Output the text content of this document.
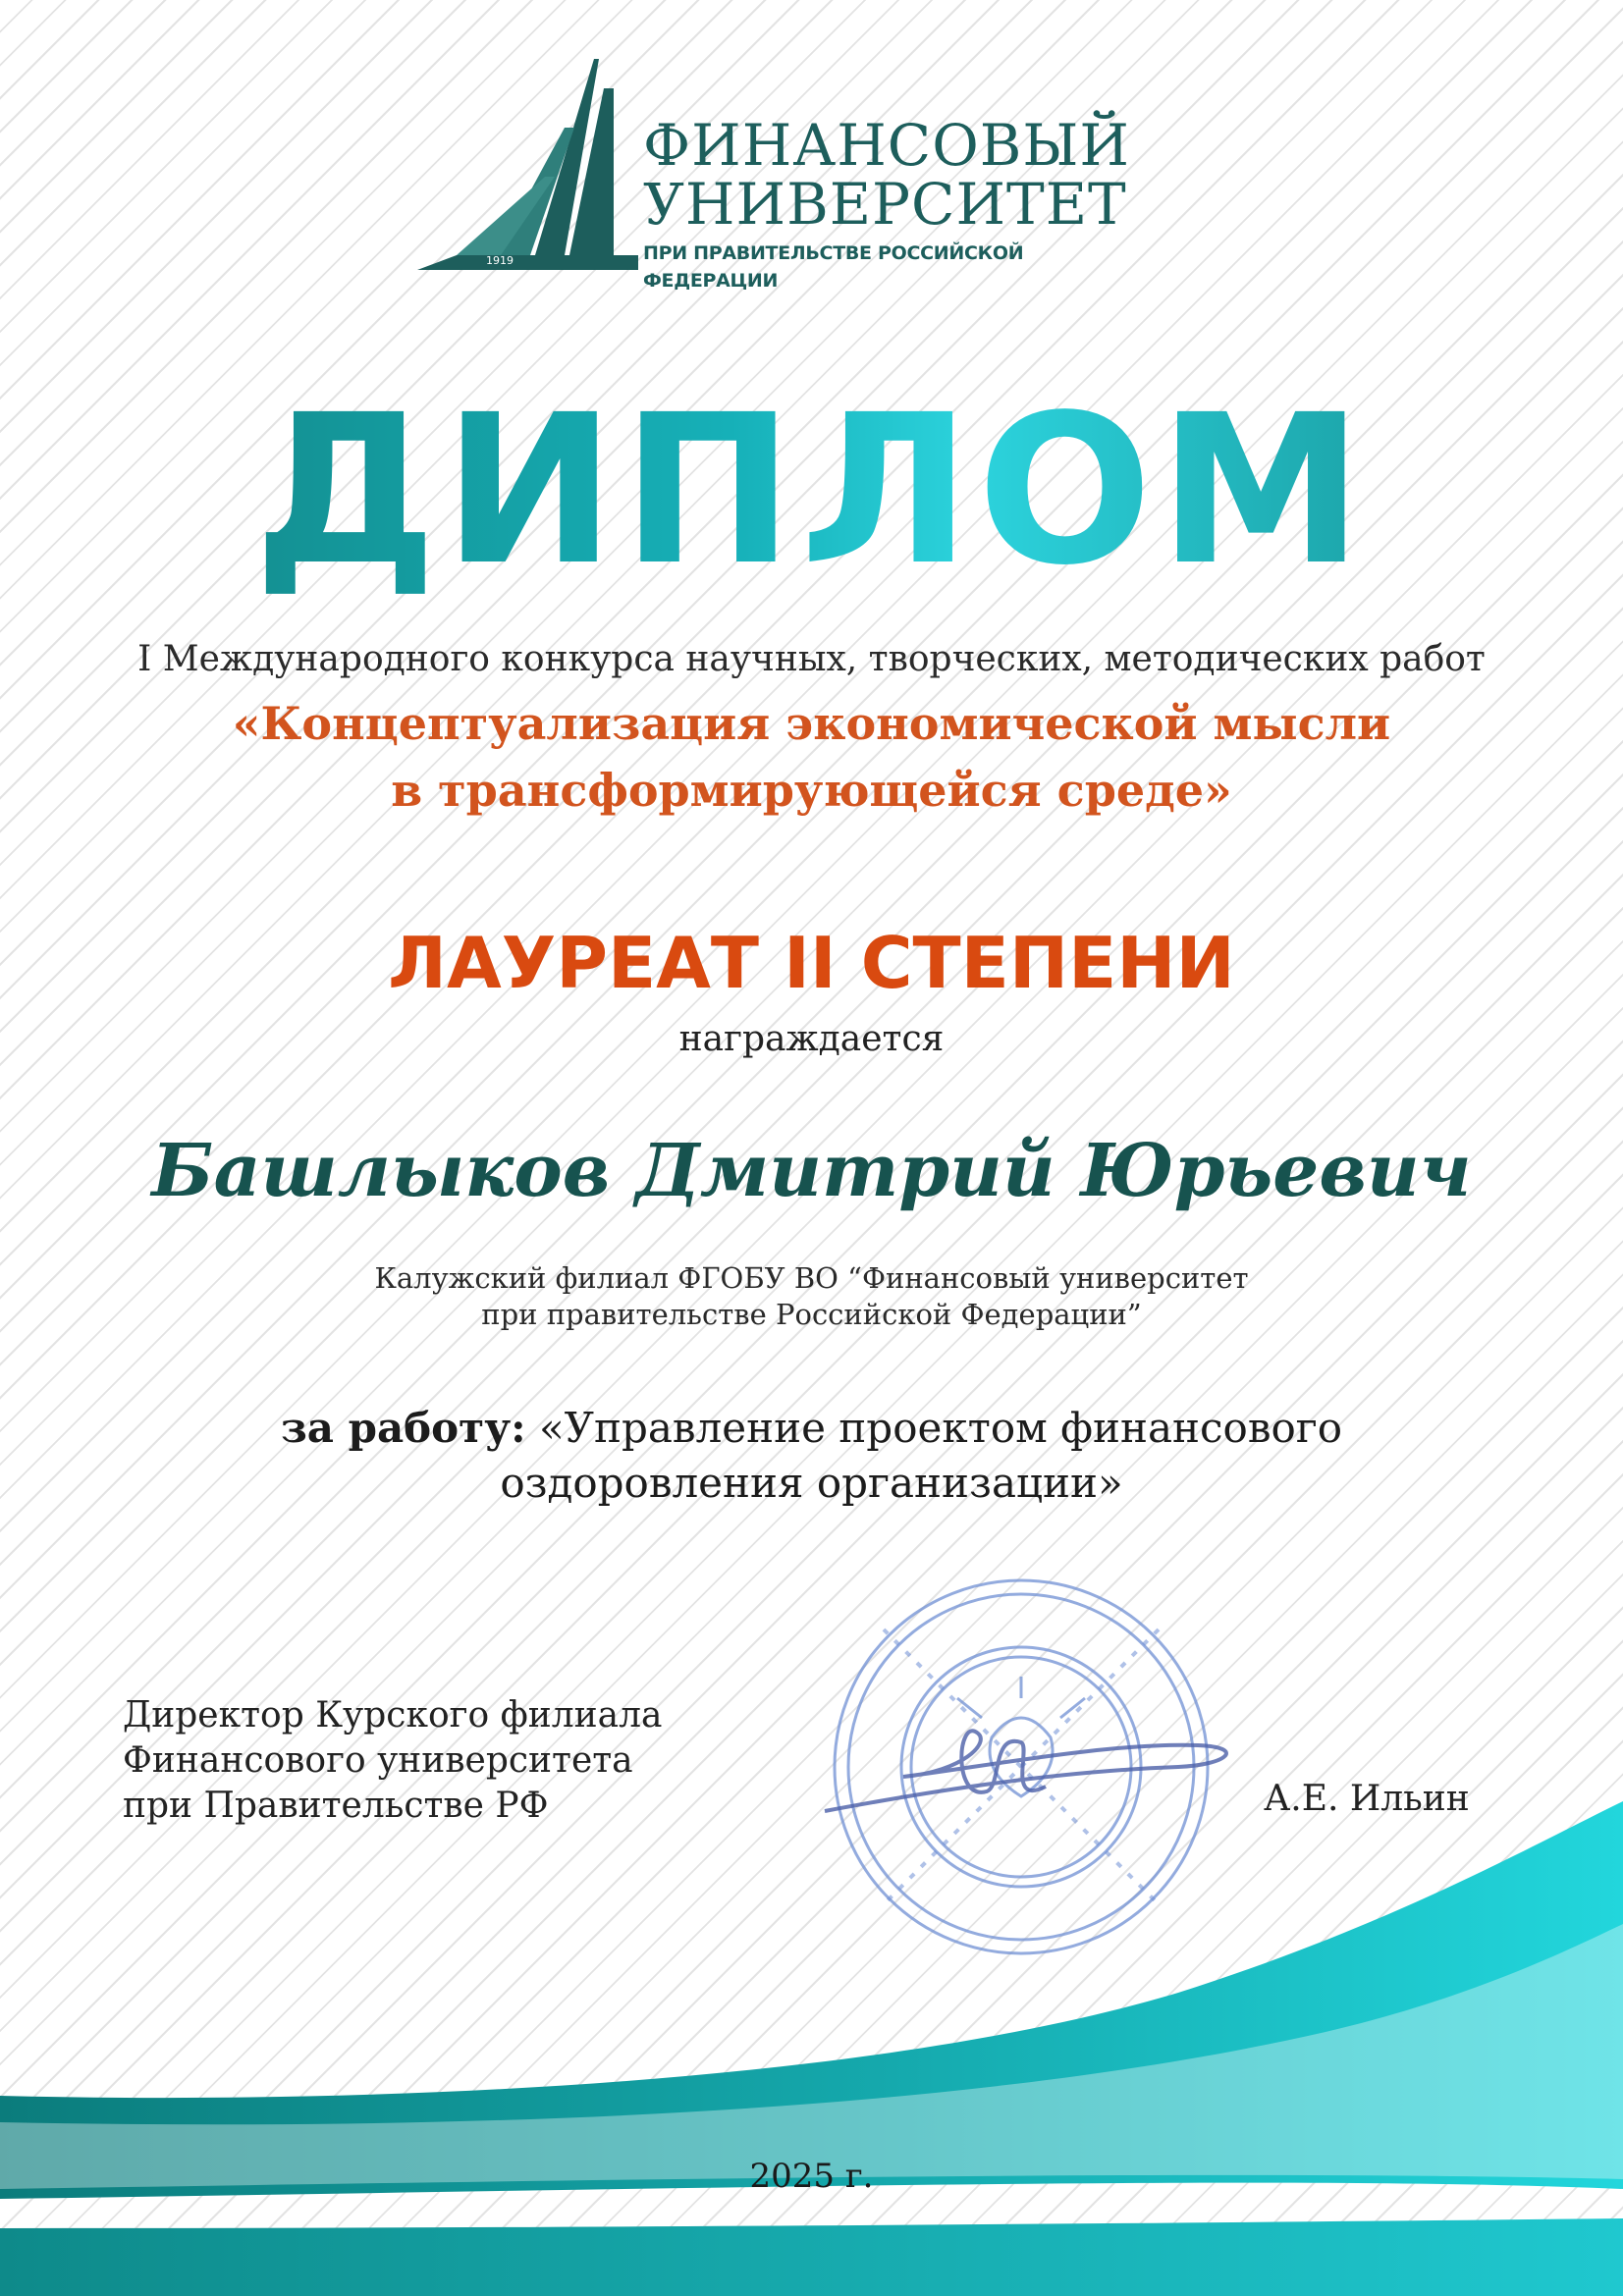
1919
ФИНАНСОВЫЙ
УНИВЕРСИТЕТ
ПРИ ПРАВИТЕЛЬСТВЕ РОССИЙСКОЙ ФЕДЕРАЦИИ
ДИПЛОМ
I Международного конкурса научных, творческих, методических работ
«Концептуализация экономической мысли
в трансформирующейся среде»
ЛАУРЕАТ II СТЕПЕНИ
награждается
Башлыков Дмитрий Юрьевич
Калужский филиал ФГОБУ ВО “Финансовый университет
при правительстве Российской Федерации”
за работу: «Управление проектом финансового
оздоровления организации»
Директор Курского филиала
Финансового университета
при Правительстве РФ	А.Е. Ильин
2025 г.
